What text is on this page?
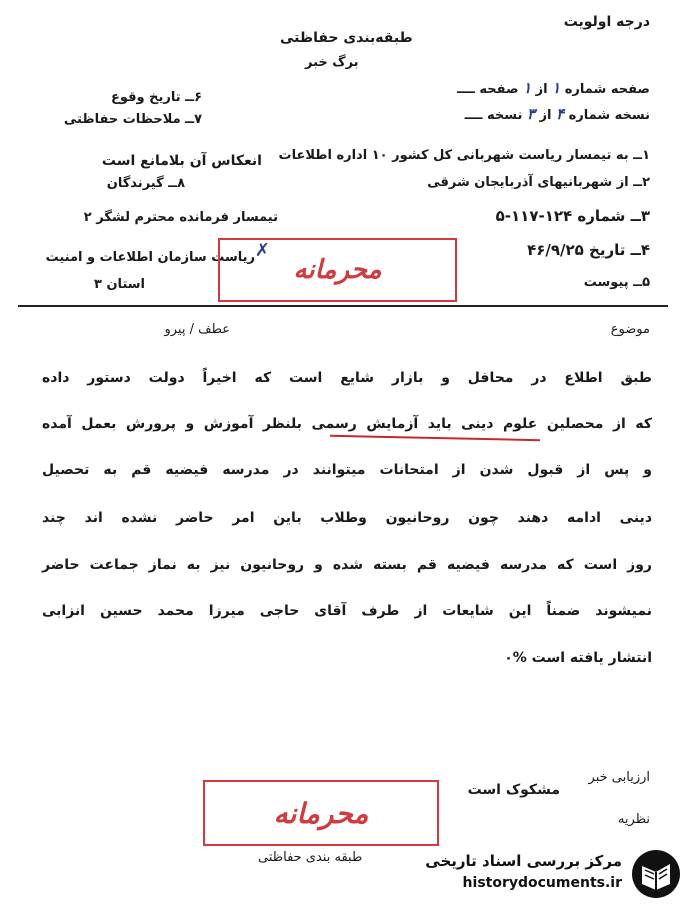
درجه اولویت
طبقه‌بندی حفاظتی
برگ خبر
صفحه شماره ۱ از ۱ صفحه ــــ
نسخه شماره ۴ از ۳ نسخه ــــ
۶ــ تاریخ وقوع
۷ــ ملاحظات حفاظتی
۱ــ به تیمسار ریاست شهربانی کل کشور ۱۰ اداره اطلاعات
۲ــ از شهربانیهای آذربایجان شرقی
۳ــ شماره ۱۲۴-۱۱۷-۵
۴ــ تاریخ ۴۶/۹/۲۵
۵ــ پیوست
انعکاس آن بلامانع است
۸ــ گیرندگان
تیمسار فرمانده محترم لشگر ۲
ریاست سازمان اطلاعات و امنیت
استان ۳
✗
محرمانه
موضوع
عطف / پیرو
طبق اطلاع در محافل و بازار شایع است که اخیراً دولت دستور داده
که از محصلین علوم دینی باید آزمایش رسمی بلنظر آموزش و پرورش بعمل آمده
و پس از قبول شدن از امتحانات میتوانند در مدرسه فیضیه قم به تحصیل
دینی ادامه دهند چون روحانیون وطلاب باین امر حاضر نشده اند چند
روز است که مدرسه فیضیه قم بسته شده و روحانیون نیز به نماز جماعت حاضر
نمیشوند ضمناً این شایعات از طرف آقای حاجی میرزا محمد حسین انزابی
انتشار یافته است %۰
ارزیابی خبر
مشکوک است
نظریه
محرمانه
طبقه بندی حفاظتی	مرکز بررسی اسناد تاریخی
historydocuments.ir
